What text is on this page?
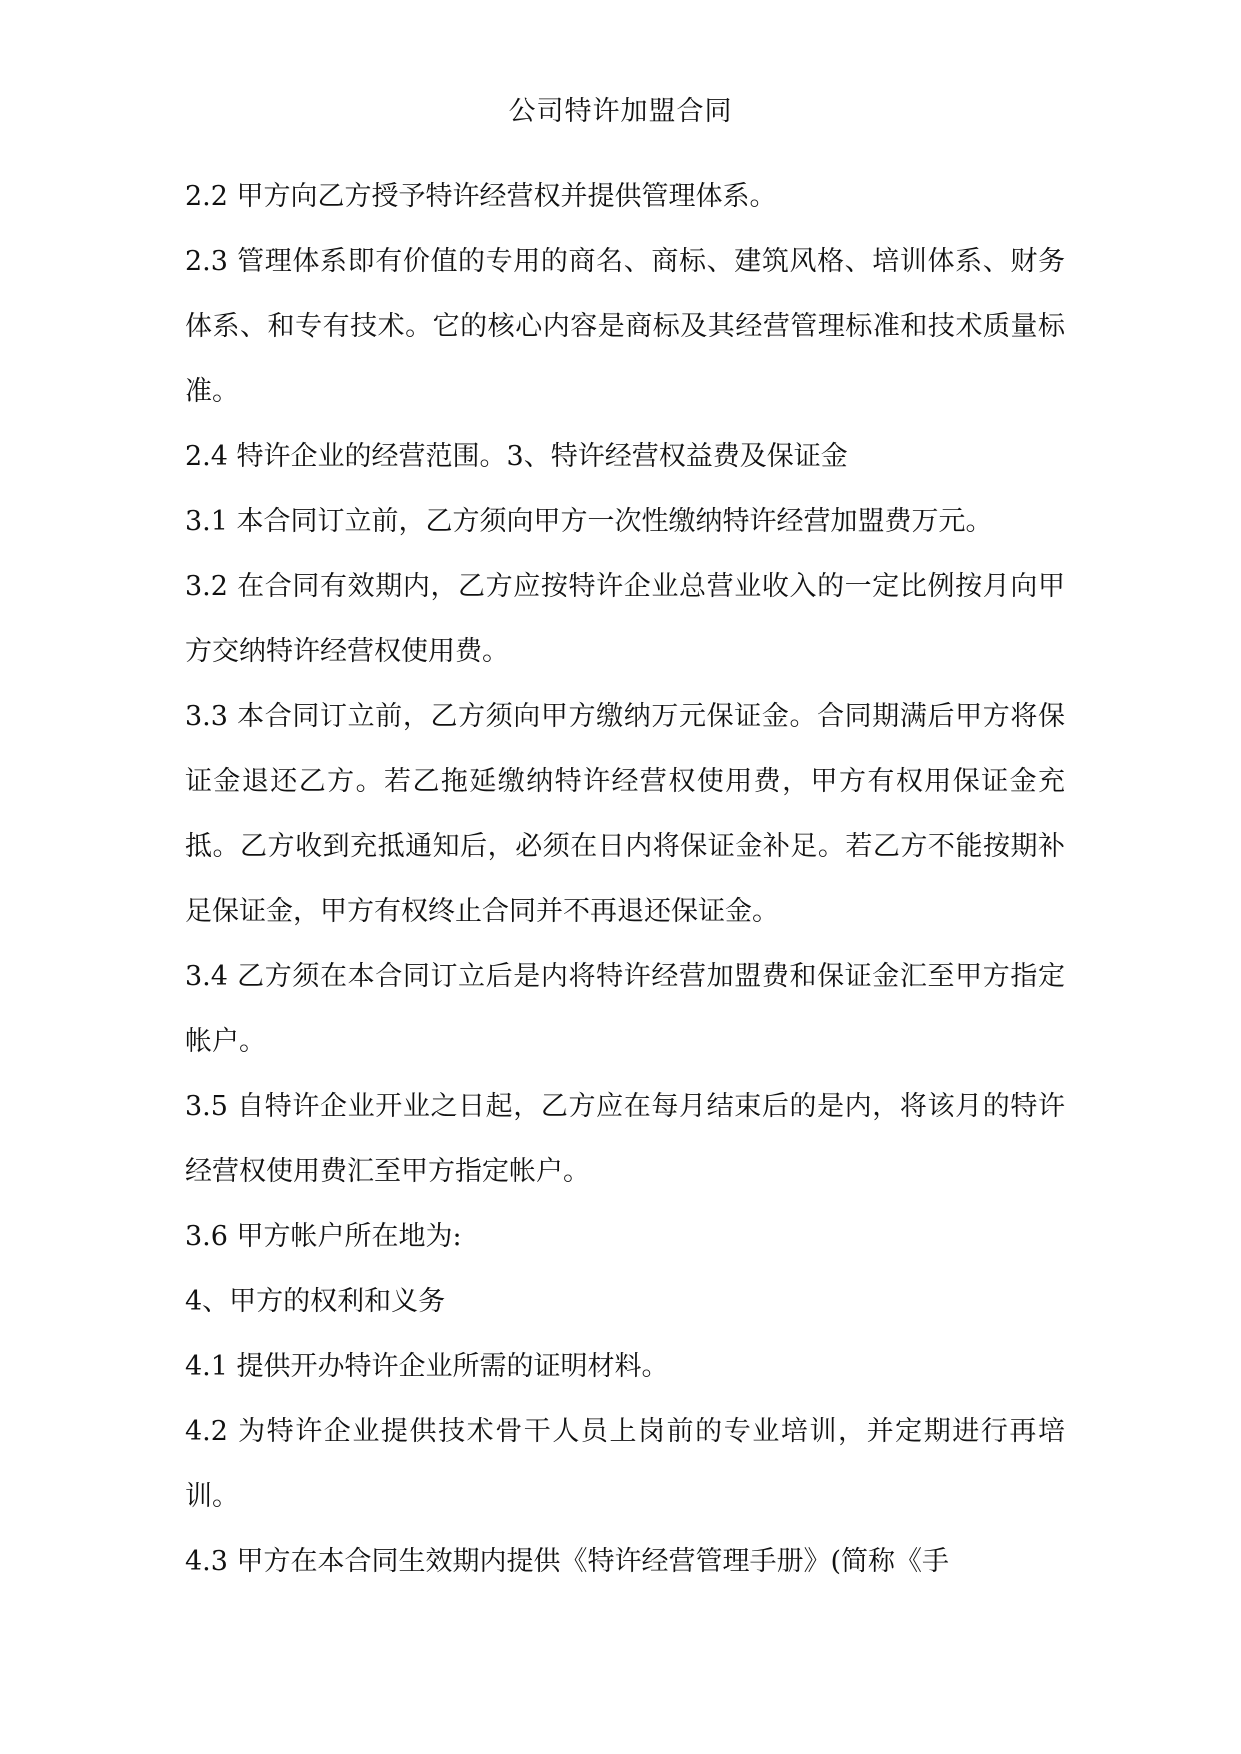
公司特许加盟合同

2.2 甲方向乙方授予特许经营权并提供管理体系。

2.3 管理体系即有价值的专用的商名、商标、建筑风格、培训体系、财务体系、和专有技术。它的核心内容是商标及其经营管理标准和技术质量标准。

2.4 特许企业的经营范围。3、特许经营权益费及保证金

3.1 本合同订立前，乙方须向甲方一次性缴纳特许经营加盟费万元。

3.2 在合同有效期内，乙方应按特许企业总营业收入的一定比例按月向甲方交纳特许经营权使用费。

3.3 本合同订立前，乙方须向甲方缴纳万元保证金。合同期满后甲方将保证金退还乙方。若乙拖延缴纳特许经营权使用费，甲方有权用保证金充抵。乙方收到充抵通知后，必须在日内将保证金补足。若乙方不能按期补足保证金，甲方有权终止合同并不再退还保证金。

3.4 乙方须在本合同订立后是内将特许经营加盟费和保证金汇至甲方指定帐户。

3.5 自特许企业开业之日起，乙方应在每月结束后的是内，将该月的特许经营权使用费汇至甲方指定帐户。

3.6 甲方帐户所在地为:

4、甲方的权利和义务

4.1 提供开办特许企业所需的证明材料。

4.2 为特许企业提供技术骨干人员上岗前的专业培训，并定期进行再培训。

4.3 甲方在本合同生效期内提供《特许经营管理手册》(简称《手
